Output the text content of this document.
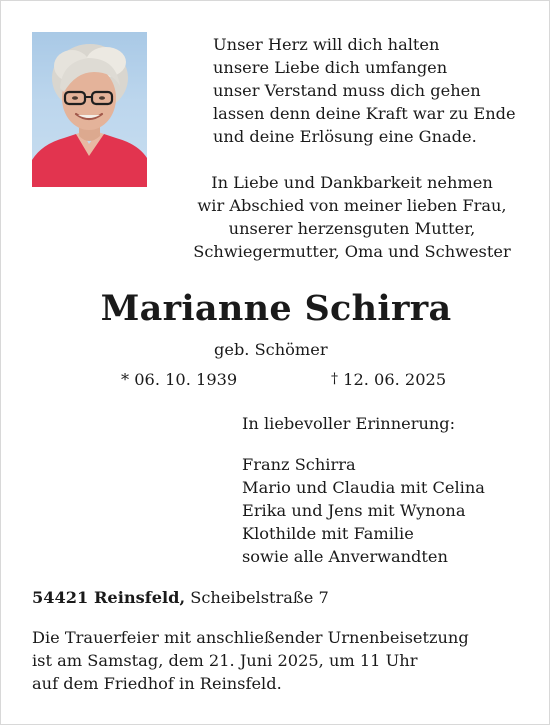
Unser Herz will dich halten
unsere Liebe dich umfangen
unser Verstand muss dich gehen
lassen denn deine Kraft war zu Ende
und deine Erlösung eine Gnade.
In Liebe und Dankbarkeit nehmen
wir Abschied von meiner lieben Frau,
unserer herzensguten Mutter,
Schwiegermutter, Oma und Schwester
Marianne Schirra
geb. Schömer
* 06. 10. 1939	† 12. 06. 2025
In liebevoller Erinnerung:
Franz Schirra
Mario und Claudia mit Celina
Erika und Jens mit Wynona
Klothilde mit Familie
sowie alle Anverwandten
54421 Reinsfeld, Scheibelstraße 7
Die Trauerfeier mit anschließender Urnenbeisetzung
ist am Samstag, dem 21. Juni 2025, um 11 Uhr
auf dem Friedhof in Reinsfeld.
